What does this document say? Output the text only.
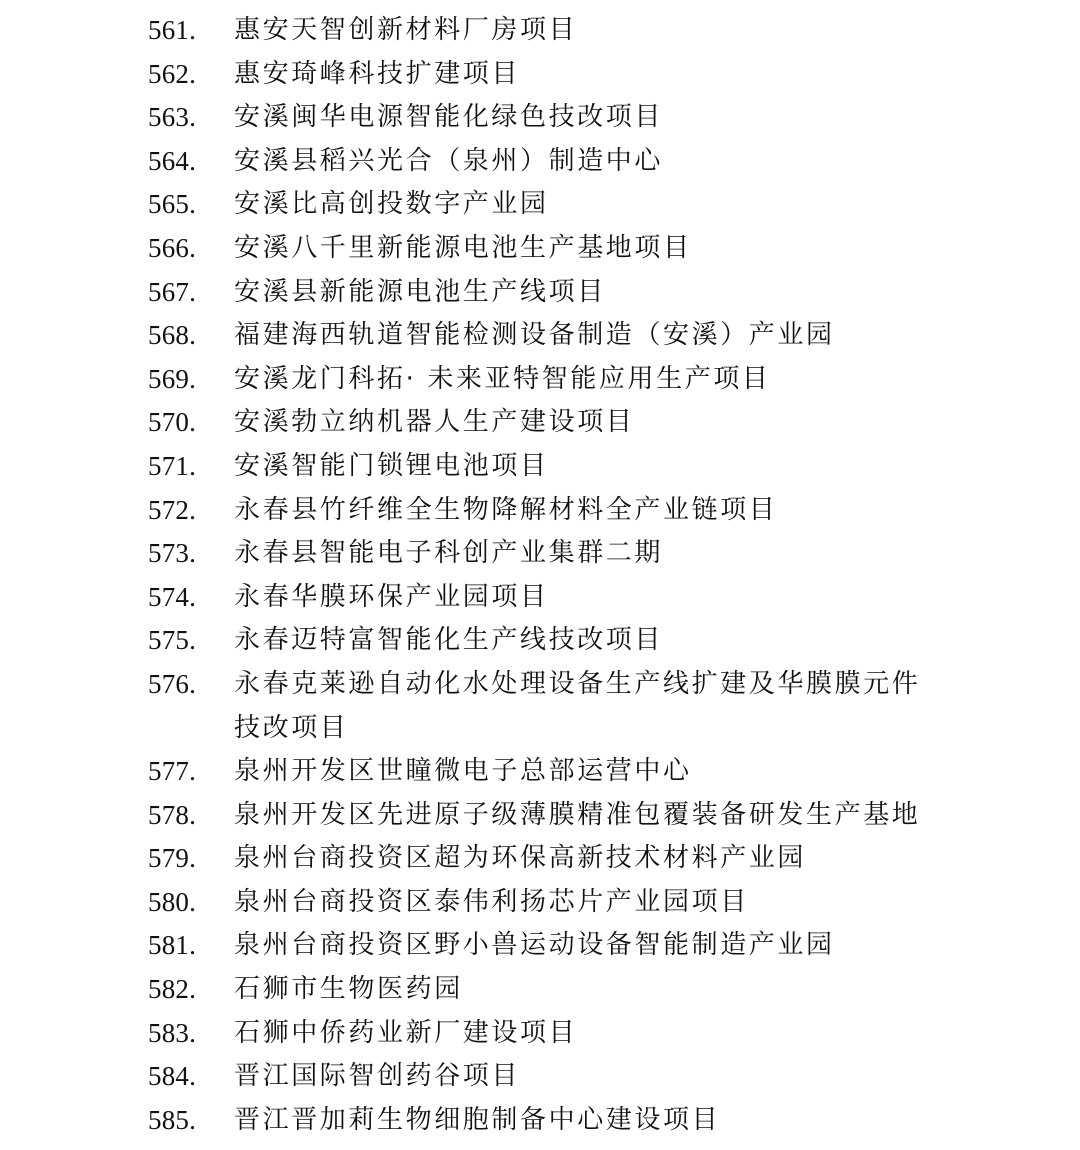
561.	惠安天智创新材料厂房项目
562.	惠安琦峰科技扩建项目
563.	安溪闽华电源智能化绿色技改项目
564.	安溪县稻兴光合（泉州）制造中心
565.	安溪比高创投数字产业园
566.	安溪八千里新能源电池生产基地项目
567.	安溪县新能源电池生产线项目
568.	福建海西轨道智能检测设备制造（安溪）产业园
569.	安溪龙门科拓· 未来亚特智能应用生产项目
570.	安溪勃立纳机器人生产建设项目
571.	安溪智能门锁锂电池项目
572.	永春县竹纤维全生物降解材料全产业链项目
573.	永春县智能电子科创产业集群二期
574.	永春华膜环保产业园项目
575.	永春迈特富智能化生产线技改项目
576.	永春克莱逊自动化水处理设备生产线扩建及华膜膜元件
技改项目
577.	泉州开发区世瞳微电子总部运营中心
578.	泉州开发区先进原子级薄膜精准包覆装备研发生产基地
579.	泉州台商投资区超为环保高新技术材料产业园
580.	泉州台商投资区泰伟利扬芯片产业园项目
581.	泉州台商投资区野小兽运动设备智能制造产业园
582.	石狮市生物医药园
583.	石狮中侨药业新厂建设项目
584.	晋江国际智创药谷项目
585.	晋江晋加莉生物细胞制备中心建设项目
